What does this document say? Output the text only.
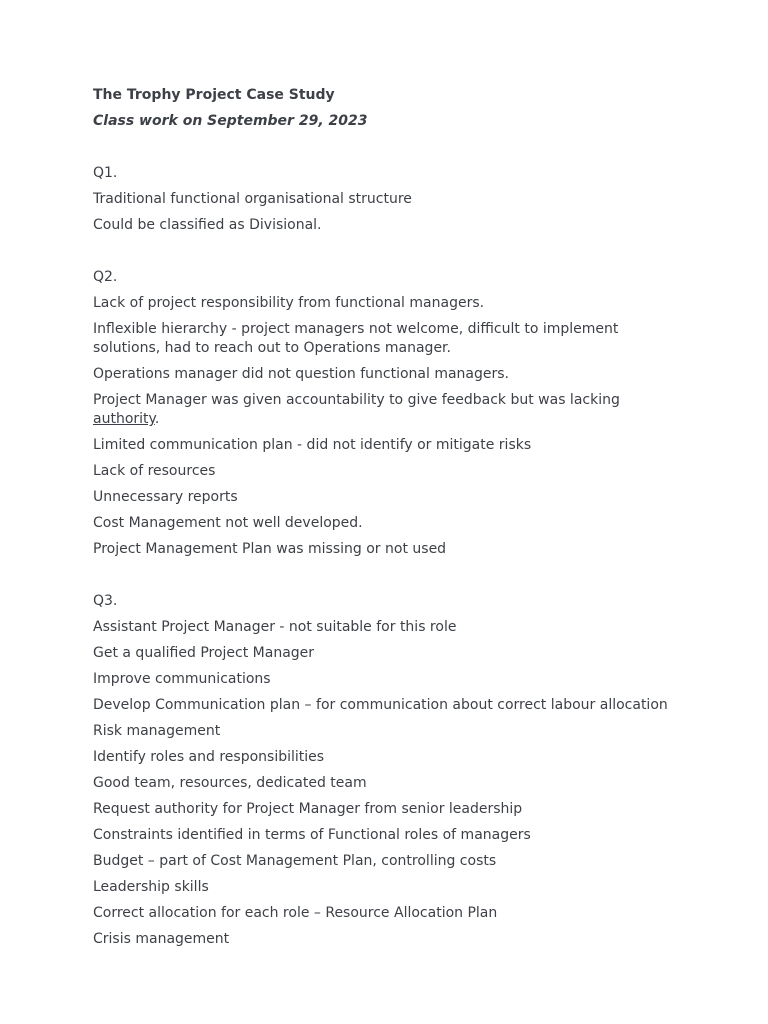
The Trophy Project Case Study

Class work on September 29, 2023

Q1.

Traditional functional organisational structure

Could be classified as Divisional.

Q2.

Lack of project responsibility from functional managers.

Inflexible hierarchy - project managers not welcome, difficult to implement solutions, had to reach out to Operations manager.

Operations manager did not question functional managers.

Project Manager was given accountability to give feedback but was lacking authority.

Limited communication plan - did not identify or mitigate risks

Lack of resources

Unnecessary reports

Cost Management not well developed.

Project Management Plan was missing or not used

Q3.

Assistant Project Manager - not suitable for this role

Get a qualified Project Manager

Improve communications

Develop Communication plan – for communication about correct labour allocation

Risk management

Identify roles and responsibilities

Good team, resources, dedicated team

Request authority for Project Manager from senior leadership

Constraints identified in terms of Functional roles of managers

Budget – part of Cost Management Plan, controlling costs

Leadership skills

Correct allocation for each role – Resource Allocation Plan

Crisis management
